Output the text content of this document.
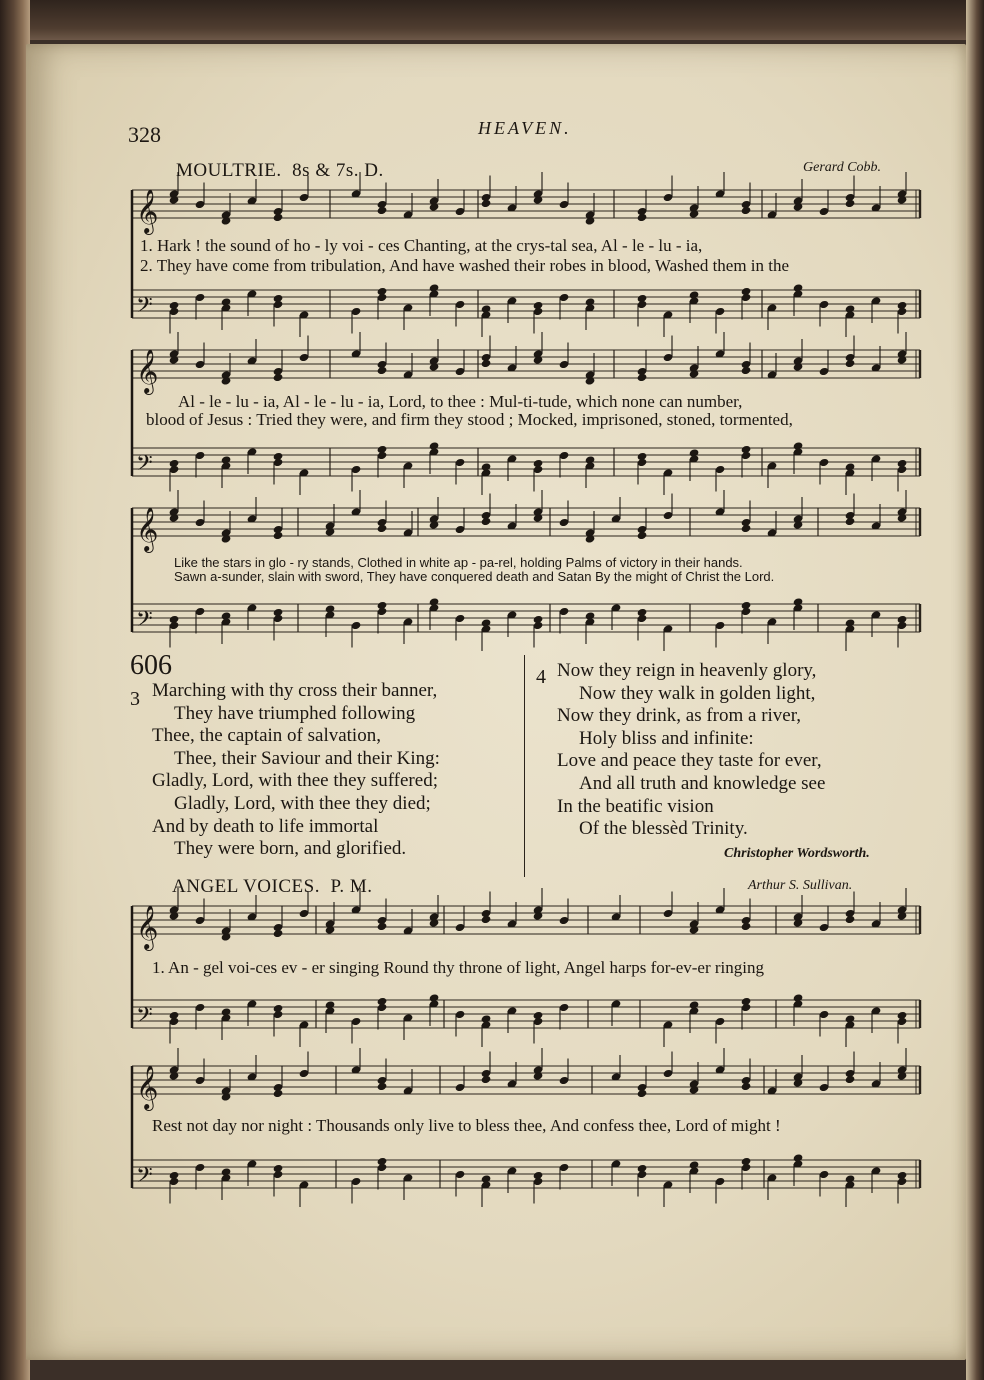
𝄞
𝄢
𝄞
𝄢
𝄞
𝄢
𝄞
𝄢
𝄞
𝄢
328	HEAVEN.
MOULTRIE. 8s & 7s. D.	Gerard Cobb.
1. Hark ! the sound of ho - ly voi - ces Chanting, at the crys-tal sea, Al - le - lu - ia,
2. They have come from tribulation, And have washed their robes in blood, Washed them in the
Al - le - lu - ia, Al - le - lu - ia, Lord, to thee : Mul-ti-tude, which none can number,
blood of Jesus : Tried they were, and firm they stood ; Mocked, imprisoned, stoned, tormented,
Like the stars in glo - ry stands, Clothed in white ap - pa-rel, holding Palms of victory in their hands.
Sawn a-sunder, slain with sword, They have conquered death and Satan By the might of Christ the Lord.
606
3 Marching with thy cross their banner,
They have triumphed following
Thee, the captain of salvation,
Thee, their Saviour and their King:
Gladly, Lord, with thee they suffered;
Gladly, Lord, with thee they died;
And by death to life immortal
They were born, and glorified.
4 Now they reign in heavenly glory,
Now they walk in golden light,
Now they drink, as from a river,
Holy bliss and infinite:
Love and peace they taste for ever,
And all truth and knowledge see
In the beatific vision
Of the blessèd Trinity.
Christopher Wordsworth.
ANGEL VOICES. P. M.	Arthur S. Sullivan.
1. An - gel voi-ces ev - er singing Round thy throne of light, Angel harps for-ev-er ringing
Rest not day nor night : Thousands only live to bless thee, And confess thee, Lord of might !
